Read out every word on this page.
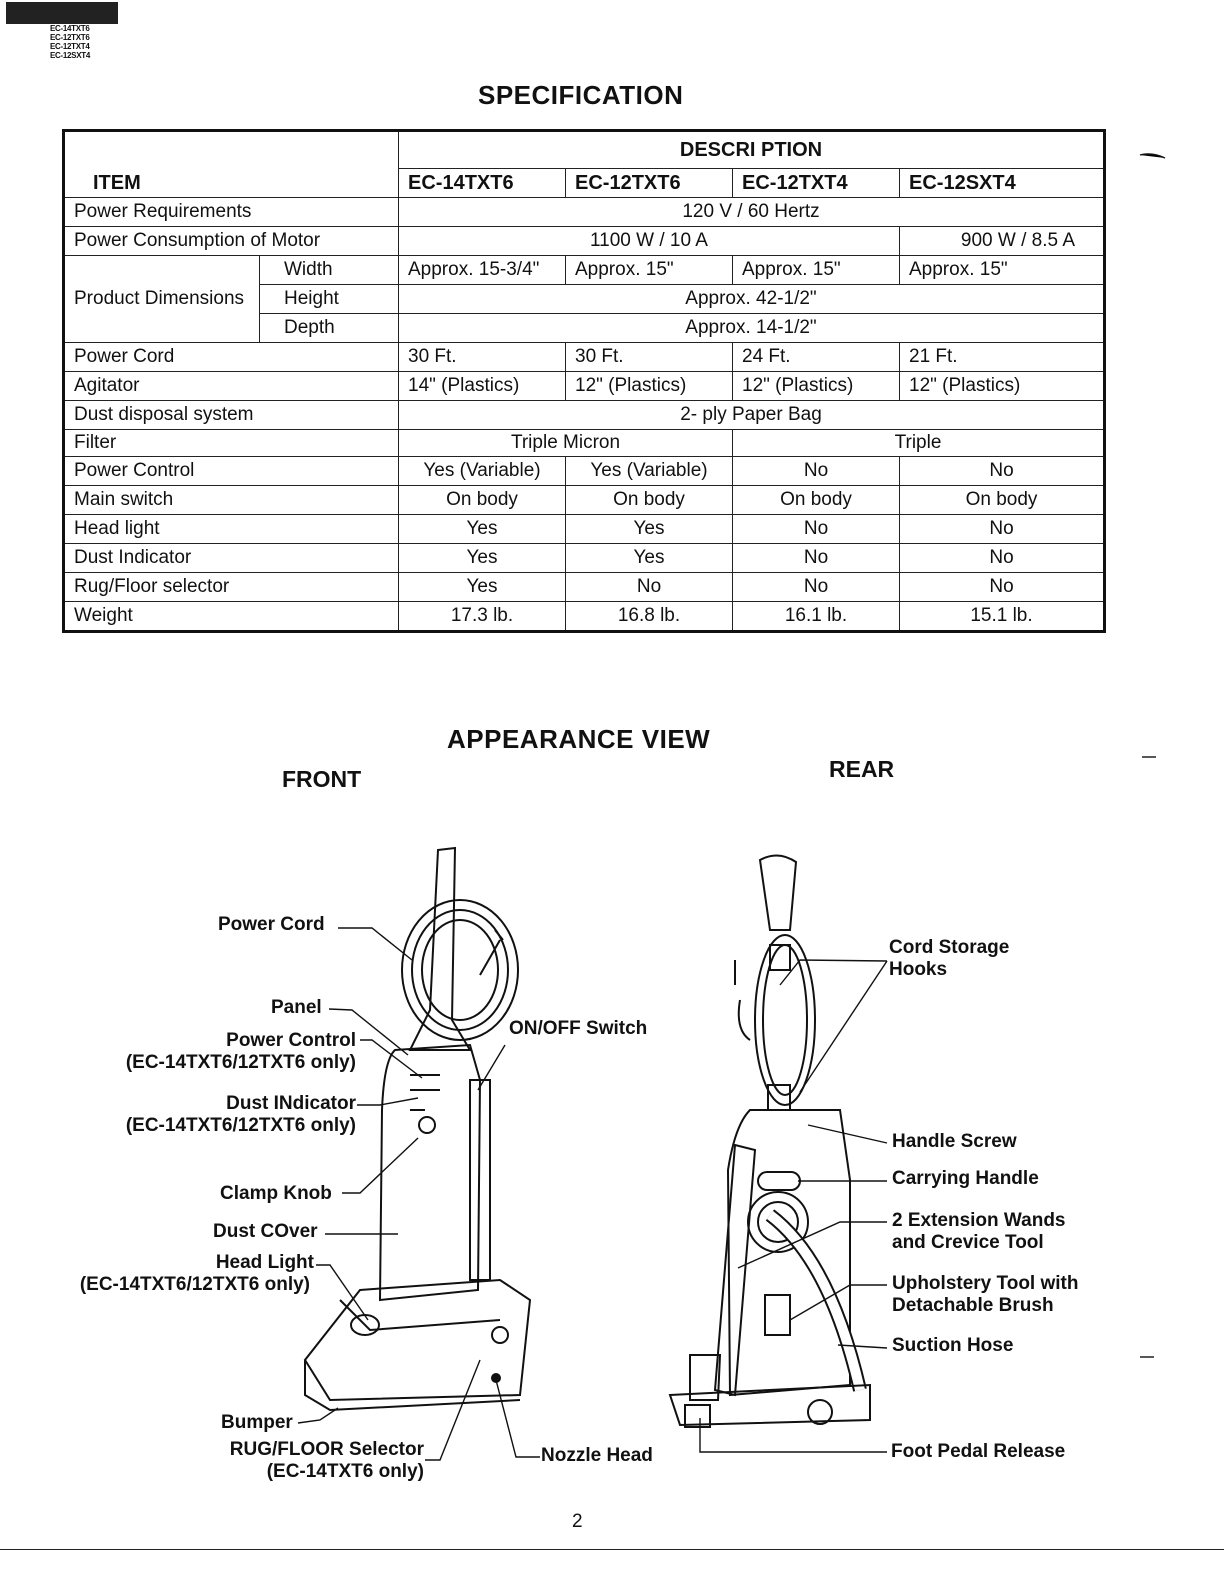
EC-14TXT6
EC-12TXT6
EC-12TXT4
EC-12SXT4
SPECIFICATION
ITEM		DESCRI PTION			
		EC-14TXT6	EC-12TXT6	EC-12TXT4	EC-12SXT4
Power Requirements		120 V / 60 Hertz			
Power Consumption of Motor		1100 W / 10 A			900 W / 8.5 A
Product Dimensions	Width	Approx. 15-3/4"	Approx. 15"	Approx. 15"	Approx. 15"
	Height	Approx. 42-1/2"			
	Depth	Approx. 14-1/2"			
Power Cord		30 Ft.	30 Ft.	24 Ft.	21 Ft.
Agitator		14" (Plastics)	12" (Plastics)	12" (Plastics)	12" (Plastics)
Dust disposal system		2- ply Paper Bag			
Filter		Triple Micron		Triple	
Power Control		Yes (Variable)	Yes (Variable)	No	No
Main switch		On body	On body	On body	On body
Head light		Yes	Yes	No	No
Dust Indicator		Yes	Yes	No	No
Rug/Floor selector		Yes	No	No	No
Weight		17.3 lb.	16.8 lb.	16.1 lb.	15.1 lb.
APPEARANCE VIEW
FRONT	REAR
Power Cord
Panel
Power Control
(EC-14TXT6/12TXT6 only)
Dust INdicator
(EC-14TXT6/12TXT6 only)
Clamp Knob
Dust COver
Head Light
(EC-14TXT6/12TXT6 only)
Bumper
RUG/FLOOR Selector
(EC-14TXT6 only)
ON/OFF Switch
Nozzle Head
Cord Storage
Hooks
Handle Screw
Carrying Handle
2 Extension Wands
and Crevice Tool
Upholstery Tool with
Detachable Brush
Suction Hose
Foot Pedal Release
2
